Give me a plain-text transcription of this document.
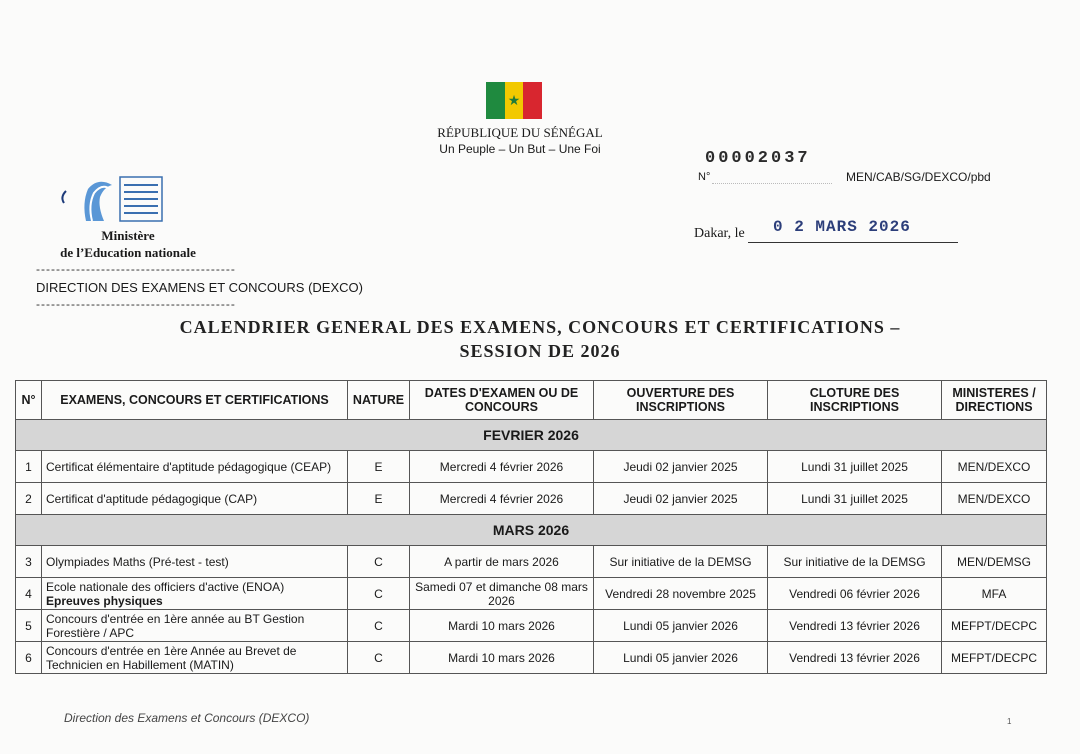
★
RÉPUBLIQUE DU SÉNÉGAL
Un Peuple – Un But – Une Foi
Ministère
de l’Education nationale
----------------------------------------
DIRECTION DES EXAMENS ET CONCOURS (DEXCO)
----------------------------------------
00002037
N°	MEN/CAB/SG/DEXCO/pbd
Dakar, le 0 2 MARS 2026
CALENDRIER GENERAL DES EXAMENS, CONCOURS ET CERTIFICATIONS –
SESSION DE 2026
N°	EXAMENS, CONCOURS ET CERTIFICATIONS	NATURE	DATES D'EXAMEN OU DE CONCOURS	OUVERTURE DES INSCRIPTIONS	CLOTURE DES INSCRIPTIONS	MINISTERES / DIRECTIONS
FEVRIER 2026						
1	Certificat élémentaire d'aptitude pédagogique (CEAP)	E	Mercredi 4 février 2026	Jeudi 02 janvier 2025	Lundi 31 juillet 2025	MEN/DEXCO
2	Certificat d'aptitude pédagogique (CAP)	E	Mercredi 4 février 2026	Jeudi 02 janvier 2025	Lundi 31 juillet 2025	MEN/DEXCO
MARS 2026						
3	Olympiades Maths (Pré-test - test)	C	A partir de mars 2026	Sur initiative de la DEMSG	Sur initiative de la DEMSG	MEN/DEMSG
4	Ecole nationale des officiers d'active (ENOA)
Epreuves physiques	C	Samedi 07 et dimanche 08 mars 2026	Vendredi 28 novembre 2025	Vendredi 06 février 2026	MFA
5	Concours d'entrée en 1ère année au BT Gestion Forestière / APC	C	Mardi 10 mars 2026	Lundi 05 janvier 2026	Vendredi 13 février 2026	MEFPT/DECPC
6	Concours d'entrée en 1ère Année au Brevet de Technicien en Habillement (MATIN)	C	Mardi 10 mars 2026	Lundi 05 janvier 2026	Vendredi 13 février 2026	MEFPT/DECPC
Direction des Examens et Concours (DEXCO)	1
